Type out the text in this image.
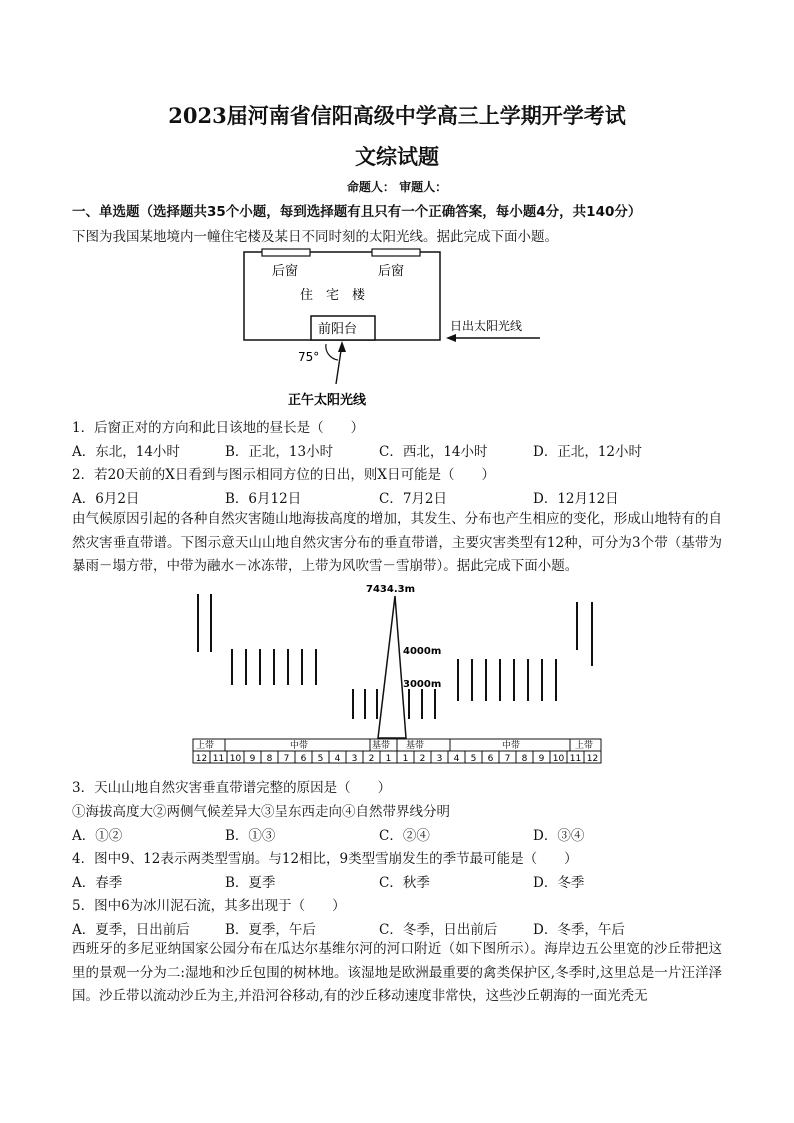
2023届河南省信阳高级中学高三上学期开学考试
文综试题
命题人： 审题人：
一、单选题（选择题共35个小题，每到选择题有且只有一个正确答案，每小题4分，共140分）
下图为我国某地境内一幢住宅楼及某日不同时刻的太阳光线。据此完成下面小题。
后窗	后窗
住　宅　楼
前阳台	日出太阳光线
75°
正午太阳光线
1．后窗正对的方向和此日该地的昼长是（　　）
A．东北，14小时	B．正北，13小时	C．西北，14小时	D．正北，12小时
2．若20天前的X日看到与图示相同方位的日出，则X日可能是（　　）
A．6月2日	B．6月12日	C．7月2日	D．12月12日
由气候原因引起的各种自然灾害随山地海拔高度的增加，其发生、分布也产生相应的变化，形成山地特有的自然灾害垂直带谱。下图示意天山山地自然灾害分布的垂直带谱，主要灾害类型有12种，可分为3个带（基带为暴雨－塌方带，中带为融水－冰冻带，上带为风吹雪－雪崩带）。据此完成下面小题。
7434.3m
4000m
3000m
上带	中带	基带 基带	中带	上带
12 11 10 9 8 7 6 5 4 3 2 1 1 2 3 4 5 6 7 8 9 10 11 12
3．天山山地自然灾害垂直带谱完整的原因是（　　）
①海拔高度大②两侧气候差异大③呈东西走向④自然带界线分明
A．①②	B．①③	C．②④	D．③④
4．图中9、12表示两类型雪崩。与12相比，9类型雪崩发生的季节最可能是（　　）
A．春季	B．夏季	C．秋季	D．冬季
5．图中6为冰川泥石流，其多出现于（　　）
A．夏季，日出前后	B．夏季，午后	C．冬季，日出前后	D．冬季，午后
西班牙的多尼亚纳国家公园分布在瓜达尔基维尔河的河口附近（如下图所示）。海岸边五公里宽的沙丘带把这里的景观一分为二:湿地和沙丘包围的树林地。该湿地是欧洲最重要的禽类保护区,冬季时,这里总是一片汪洋泽国。沙丘带以流动沙丘为主,并沿河谷移动,有的沙丘移动速度非常快，这些沙丘朝海的一面光秃无
